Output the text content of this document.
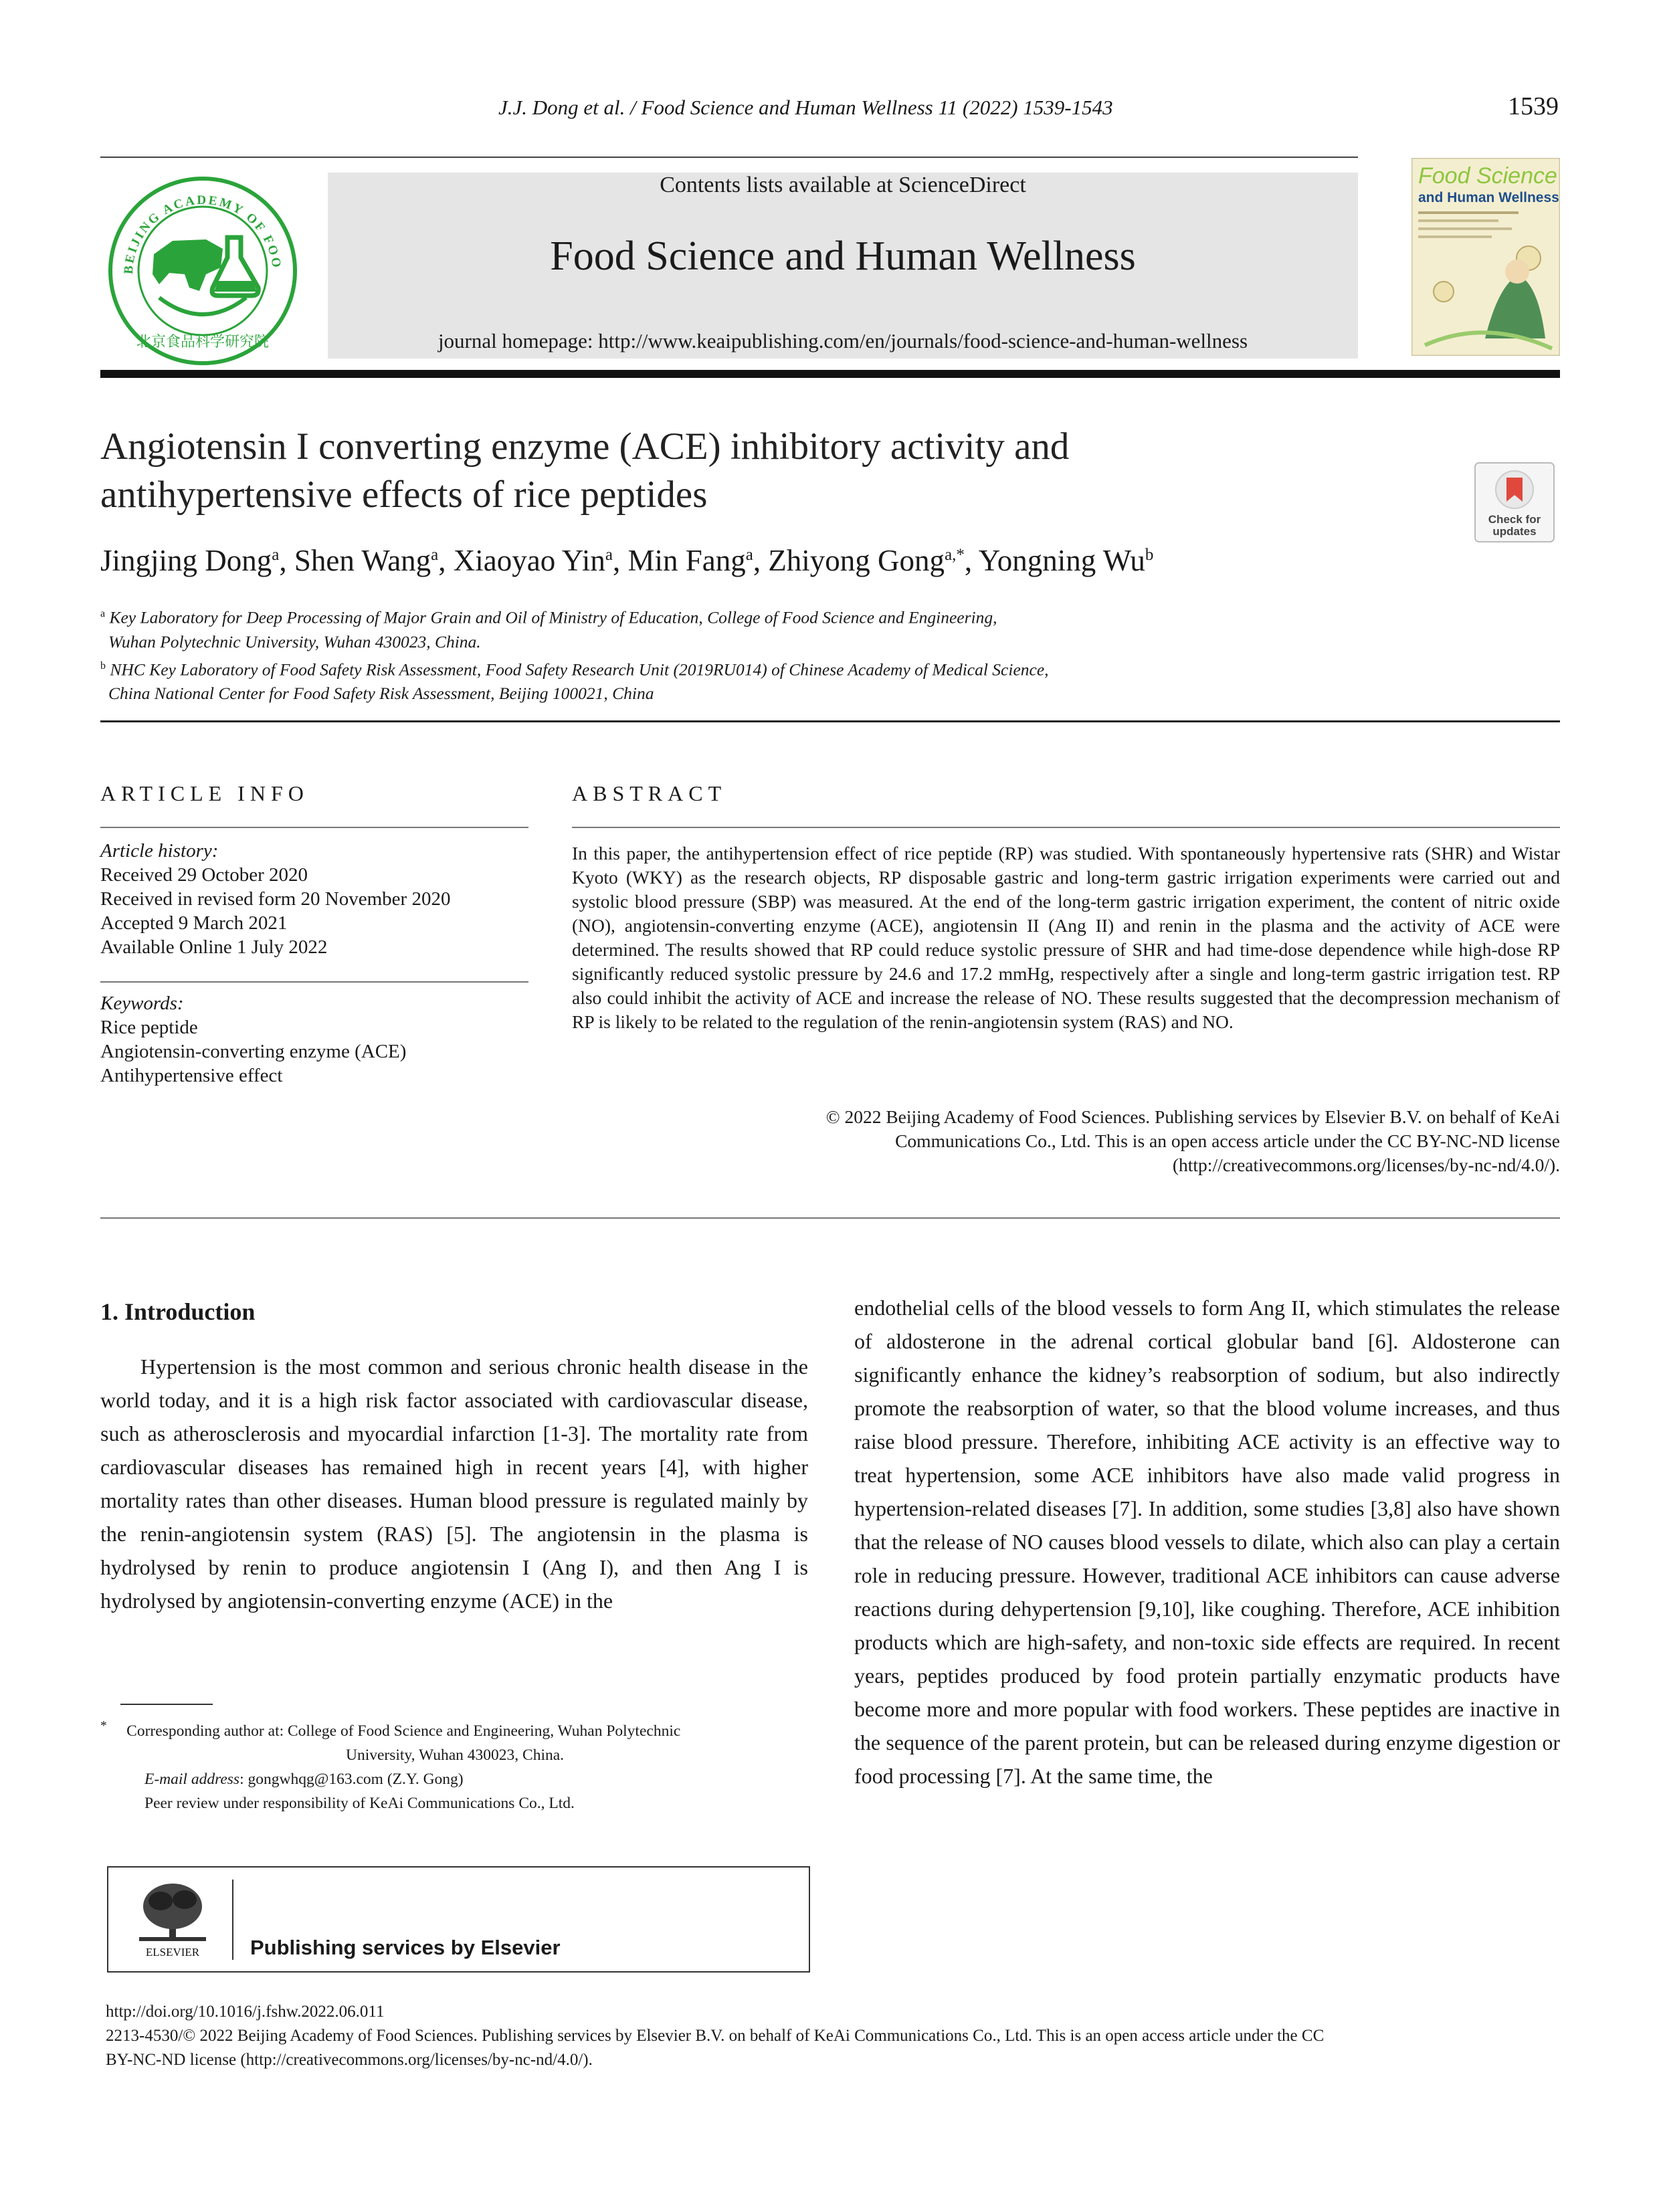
J.J. Dong et al. / Food Science and Human Wellness 11 (2022) 1539-1543	1539
BEIJING ACADEMY OF FOO
北京食品科学研究院
Contents lists available at ScienceDirect
Food Science and Human Wellness
journal homepage: http://www.keaipublishing.com/en/journals/food-science-and-human-wellness
Food Science
and Human Wellness
Angiotensin I converting enzyme (ACE) inhibitory activity and
antihypertensive effects of rice peptides
Check for
updates
Jingjing Dong$^a$, Shen Wang$^a$, Xiaoyao Yin$^a$, Min Fang$^a$, Zhiyong Gong$^{a,*}$, Yongning Wu$^b$
$^a$ Key Laboratory for Deep Processing of Major Grain and Oil of Ministry of Education, College of Food Science and Engineering,
Wuhan Polytechnic University, Wuhan 430023, China.
$^b$ NHC Key Laboratory of Food Safety Risk Assessment, Food Safety Research Unit (2019RU014) of Chinese Academy of Medical Science,
China National Center for Food Safety Risk Assessment, Beijing 100021, China
ARTICLE INFO	ABSTRACT
Article history:
Received 29 October 2020
Received in revised form 20 November 2020
Accepted 9 March 2021
Available Online 1 July 2022
Keywords:
Rice peptide
Angiotensin-converting enzyme (ACE)
Antihypertensive effect
In this paper, the antihypertension effect of rice peptide (RP) was studied. With spontaneously hypertensive rats (SHR) and Wistar Kyoto (WKY) as the research objects, RP disposable gastric and long-term gastric irrigation experiments were carried out and systolic blood pressure (SBP) was measured. At the end of the long-term gastric irrigation experiment, the content of nitric oxide (NO), angiotensin-converting enzyme (ACE), angiotensin II (Ang II) and renin in the plasma and the activity of ACE were determined. The results showed that RP could reduce systolic pressure of SHR and had time-dose dependence while high-dose RP significantly reduced systolic pressure by 24.6 and 17.2 mmHg, respectively after a single and long-term gastric irrigation test. RP also could inhibit the activity of ACE and increase the release of NO. These results suggested that the decompression mechanism of RP is likely to be related to the regulation of the renin-angiotensin system (RAS) and NO.
© 2022 Beijing Academy of Food Sciences. Publishing services by Elsevier B.V. on behalf of KeAi
Communications Co., Ltd. This is an open access article under the CC BY-NC-ND license
(http://creativecommons.org/licenses/by-nc-nd/4.0/).
1. Introduction
Hypertension is the most common and serious chronic health disease in the world today, and it is a high risk factor associated with cardiovascular disease, such as atherosclerosis and myocardial infarction [1-3]. The mortality rate from cardiovascular diseases has remained high in recent years [4], with higher mortality rates than other diseases. Human blood pressure is regulated mainly by the renin-angiotensin system (RAS) [5]. The angiotensin in the plasma is hydrolysed by renin to produce angiotensin I (Ang I), and then Ang I is hydrolysed by angiotensin-converting enzyme (ACE) in the
endothelial cells of the blood vessels to form Ang II, which stimulates the release of aldosterone in the adrenal cortical globular band [6]. Aldosterone can significantly enhance the kidney’s reabsorption of sodium, but also indirectly promote the reabsorption of water, so that the blood volume increases, and thus raise blood pressure. Therefore, inhibiting ACE activity is an effective way to treat hypertension, some ACE inhibitors have also made valid progress in hypertension-related diseases [7]. In addition, some studies [3,8] also have shown that the release of NO causes blood vessels to dilate, which also can play a certain role in reducing pressure. However, traditional ACE inhibitors can cause adverse reactions during dehypertension [9,10], like coughing. Therefore, ACE inhibition products which are high-safety, and non-toxic side effects are required. In recent years, peptides produced by food protein partially enzymatic products have become more and more popular with food workers. These peptides are inactive in the sequence of the parent protein, but can be released during enzyme digestion or food processing [7]. At the same time, the
* Corresponding author at: College of Food Science and Engineering, Wuhan Polytechnic
University, Wuhan 430023, China.
E-mail address: gongwhqg@163.com (Z.Y. Gong)
Peer review under responsibility of KeAi Communications Co., Ltd.
ELSEVIER Publishing services by Elsevier
http://doi.org/10.1016/j.fshw.2022.06.011
2213-4530/© 2022 Beijing Academy of Food Sciences. Publishing services by Elsevier B.V. on behalf of KeAi Communications Co., Ltd. This is an open access article under the CC
BY-NC-ND license (http://creativecommons.org/licenses/by-nc-nd/4.0/).
